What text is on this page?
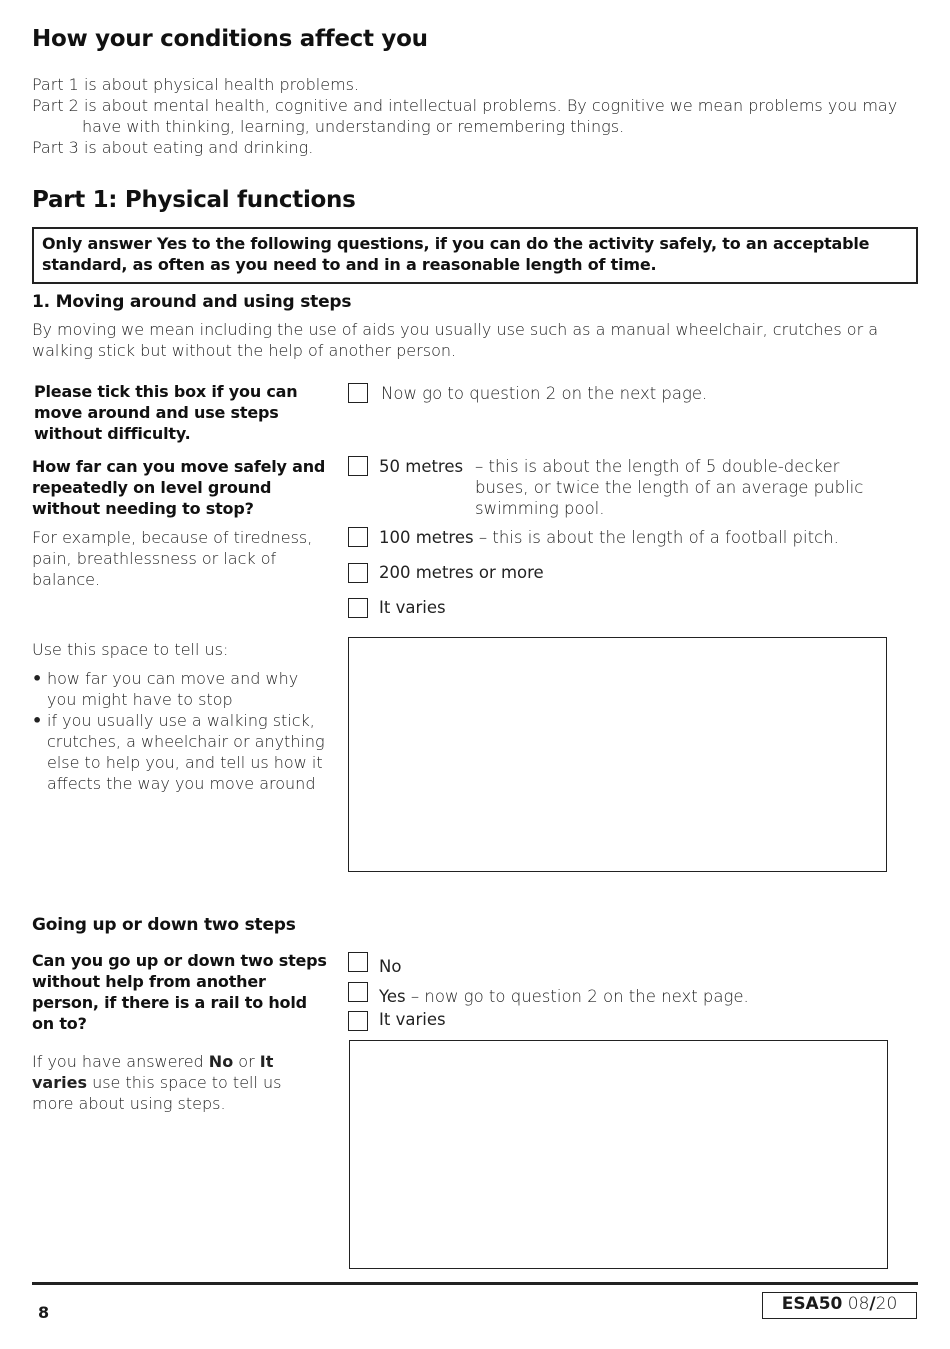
How your conditions affect you
Part 1 is about physical health problems.
Part 2 is about mental health, cognitive and intellectual problems. By cognitive we mean problems you may have with thinking, learning, understanding or remembering things.
Part 3 is about eating and drinking.
Part 1: Physical functions
Only answer Yes to the following questions, if you can do the activity safely, to an acceptable standard, as often as you need to and in a reasonable length of time.
1. Moving around and using steps
By moving we mean including the use of aids you usually use such as a manual wheelchair, crutches or a walking stick but without the help of another person.
Please tick this box if you can move around and use steps without difficulty.
Now go to question 2 on the next page.
How far can you move safely and repeatedly on level ground without needing to stop?
For example, because of tiredness, pain, breathlessness or lack of balance.
50 metres – this is about the length of 5 double-decker buses, or twice the length of an average public swimming pool.
100 metres – this is about the length of a football pitch.
200 metres or more
It varies
Use this space to tell us:
• how far you can move and why you might have to stop
• if you usually use a walking stick, crutches, a wheelchair or anything else to help you, and tell us how it affects the way you move around
Going up or down two steps
Can you go up or down two steps without help from another person, if there is a rail to hold on to?
No
Yes – now go to question 2 on the next page.
It varies
If you have answered No or It varies use this space to tell us more about using steps.
8	ESA50 08/20
